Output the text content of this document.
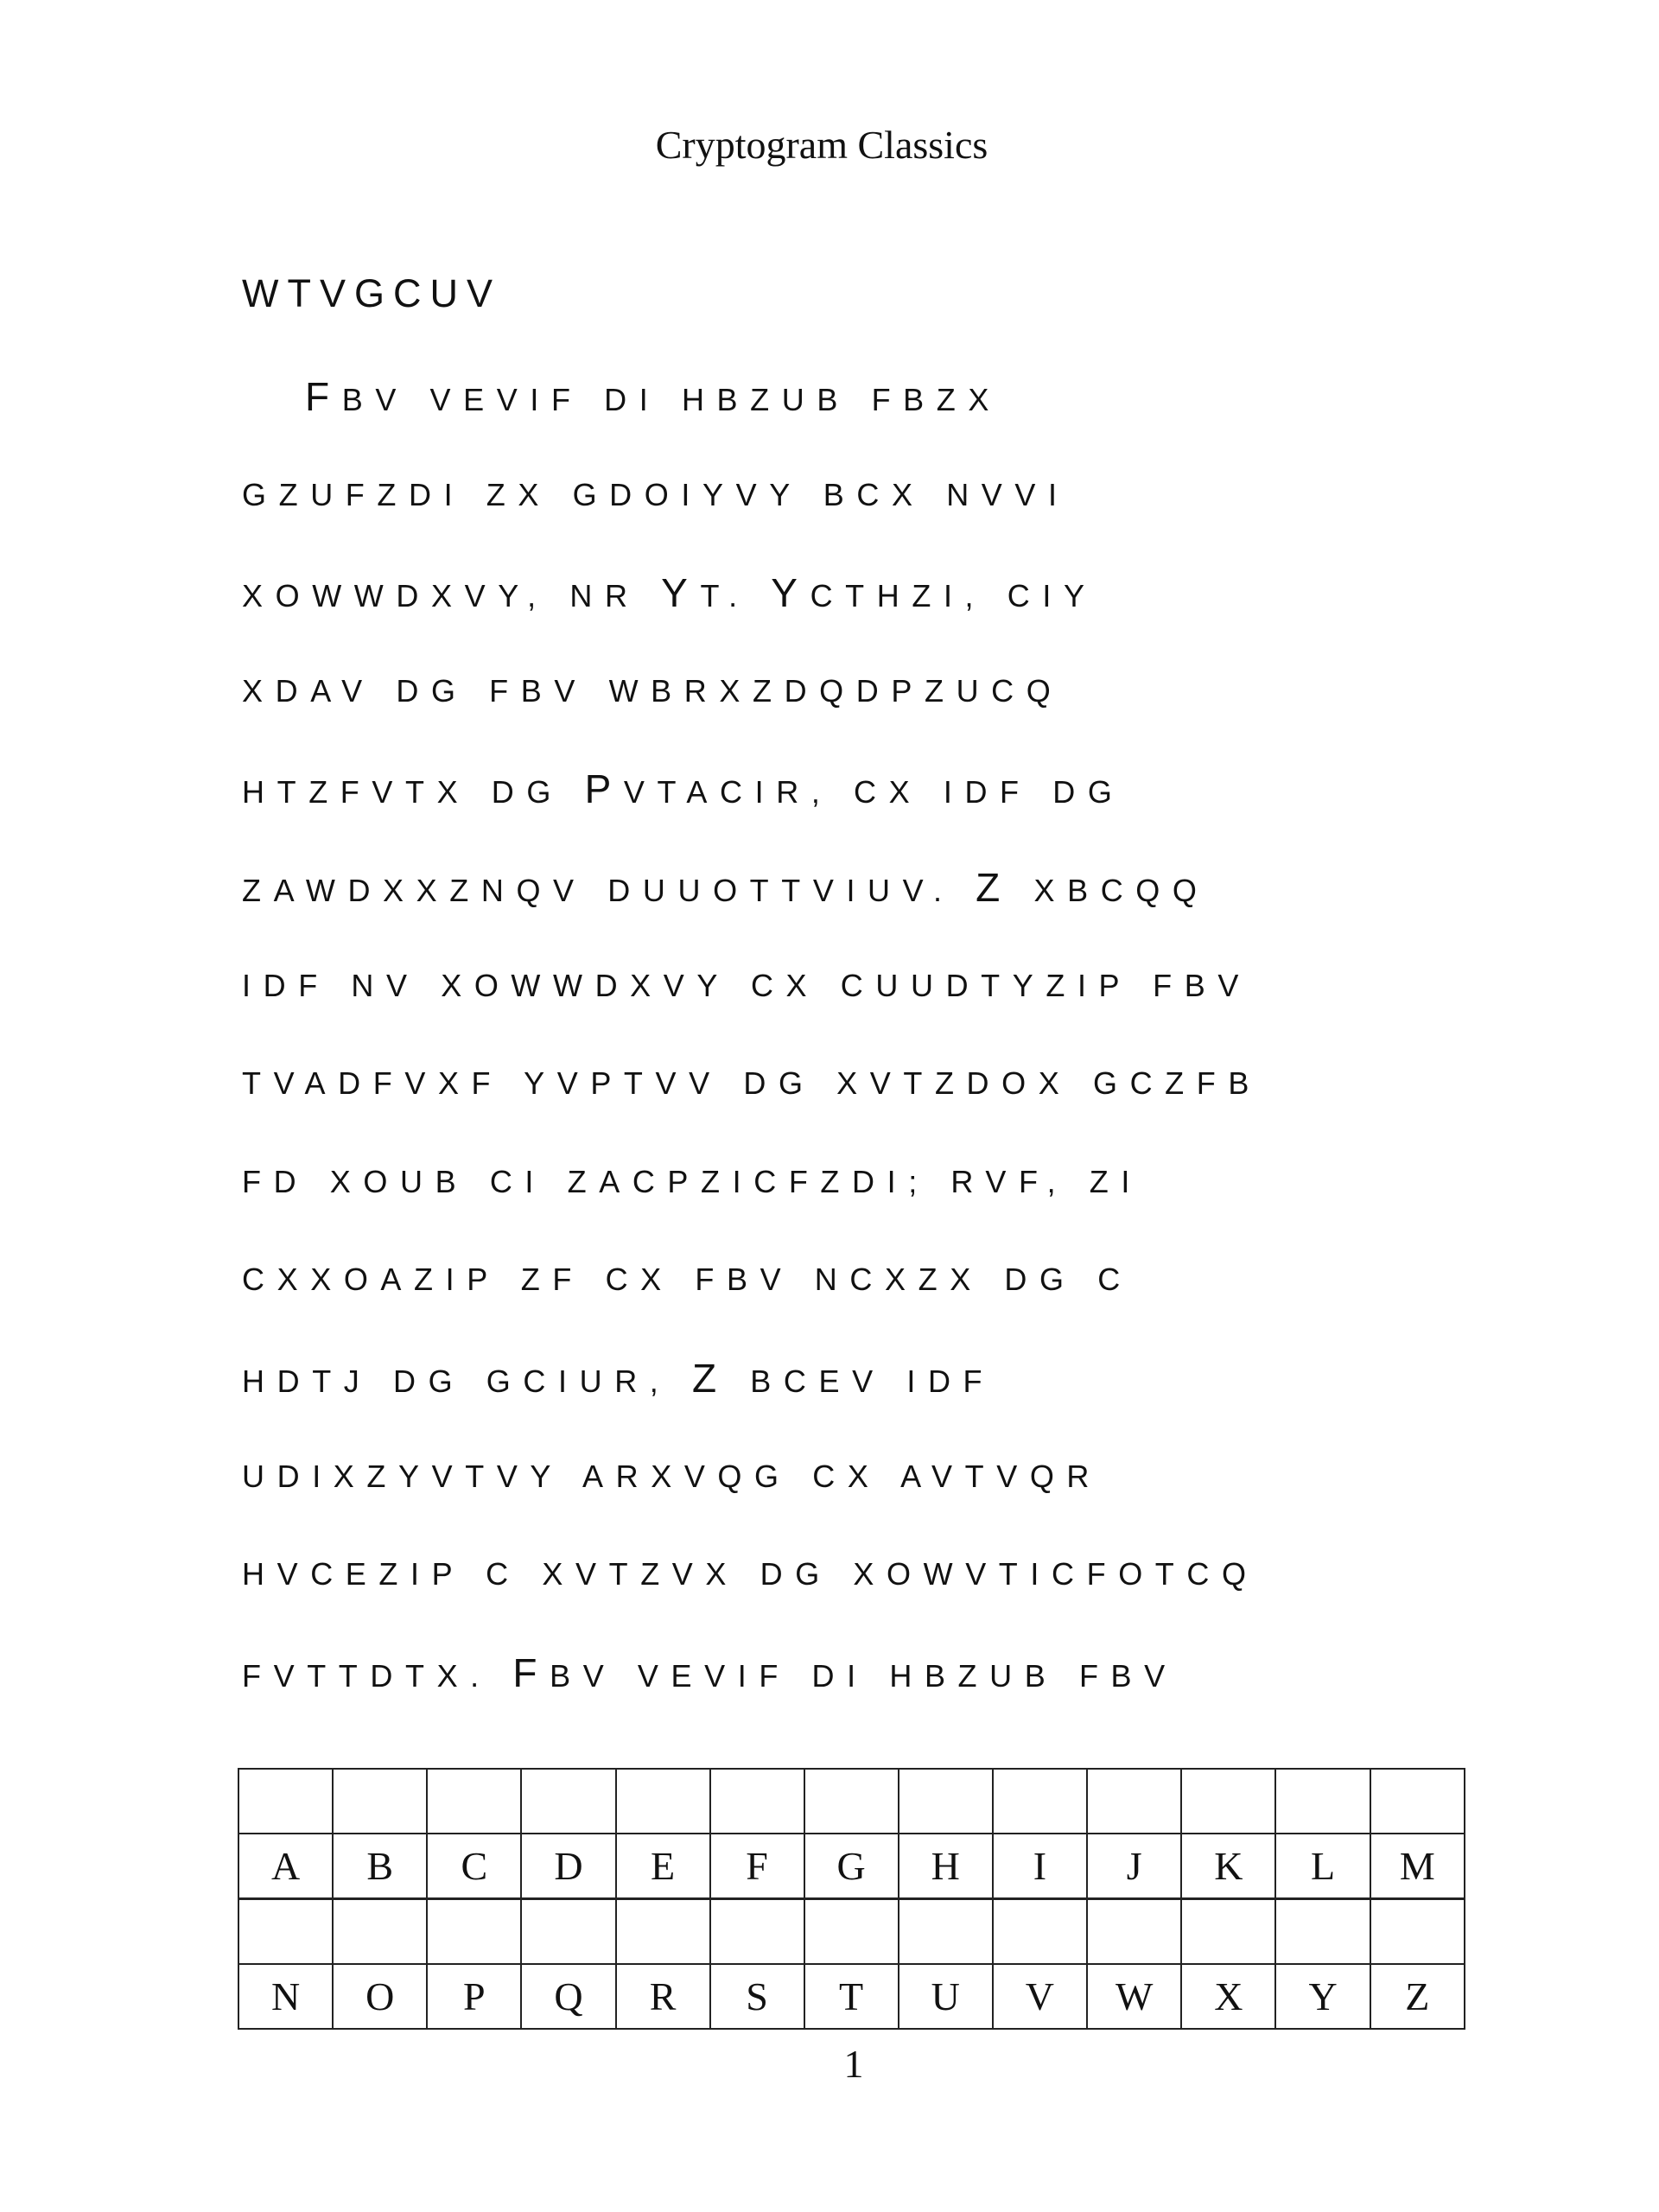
Cryptogram Classics
WTVGCUV
FBV VEVIF DI HBZUB FBZX
GZUFZDI ZX GDOIYVY BCX NVVI
XOWWDXVY, NR YT. YCTHZI, CIY
XDAV DG FBV WBRXZDQDPZUCQ
HTZFVTX DG PVTACIR, CX IDF DG
ZAWDXXZNQV DUUOTTVIUV. Z XBCQQ
IDF NV XOWWDXVY CX CUUDTYZIP FBV
TVADFVXF YVPTVV DG XVTZDOX GCZFB
FD XOUB CI ZACPZICFZDI; RVF, ZI
CXXOAZIP ZF CX FBV NCXZX DG C
HDTJ DG GCIUR, Z BCEV IDF
UDIXZYVTVY ARXVQG CX AVTVQR
HVCEZIP C XVTZVX DG XOWVTICFOTCQ
FVTTDTX. FBV VEVIF DI HBZUB FBV

A	B	C	D	E	F	G	H	I	J	K	L	M

N	O	P	Q	R	S	T	U	V	W	X	Y	Z
1
